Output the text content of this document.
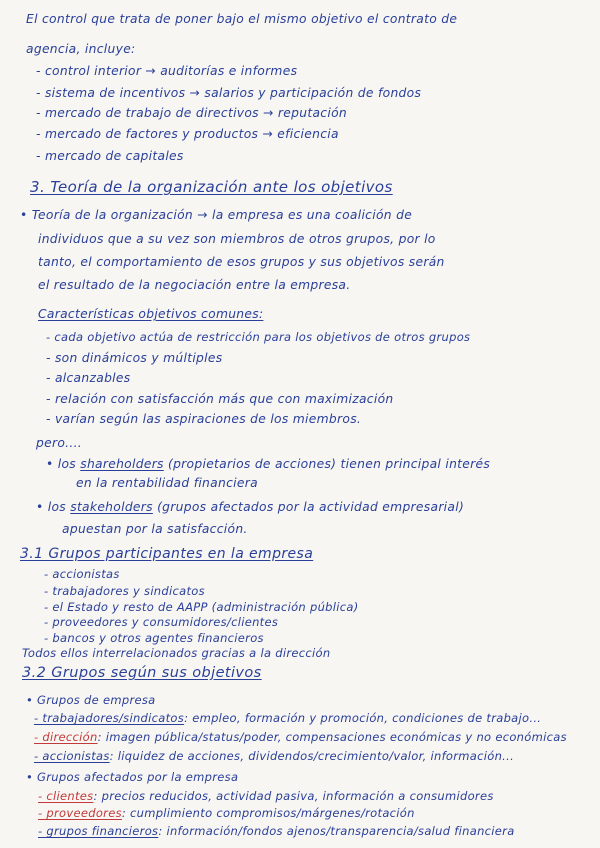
El control que trata de poner bajo el mismo objetivo el contrato de
agencia, incluye:
- control interior → auditorías e informes
- sistema de incentivos → salarios y participación de fondos
- mercado de trabajo de directivos → reputación
- mercado de factores y productos → eficiencia
- mercado de capitales
3. Teoría de la organización ante los objetivos
• Teoría de la organización → la empresa es una coalición de
individuos que a su vez son miembros de otros grupos, por lo
tanto, el comportamiento de esos grupos y sus objetivos serán
el resultado de la negociación entre la empresa.
Características objetivos comunes:
- cada objetivo actúa de restricción para los objetivos de otros grupos
- son dinámicos y múltiples
- alcanzables
- relación con satisfacción más que con maximización
- varían según las aspiraciones de los miembros.
pero....
• los shareholders (propietarios de acciones) tienen principal interés
en la rentabilidad financiera
• los stakeholders (grupos afectados por la actividad empresarial)
apuestan por la satisfacción.
3.1 Grupos participantes en la empresa
- accionistas
- trabajadores y sindicatos
- el Estado y resto de AAPP (administración pública)
- proveedores y consumidores/clientes
- bancos y otros agentes financieros
Todos ellos interrelacionados gracias a la dirección
3.2 Grupos según sus objetivos
• Grupos de empresa
- trabajadores/sindicatos: empleo, formación y promoción, condiciones de trabajo...
- dirección: imagen pública/status/poder, compensaciones económicas y no económicas
- accionistas: liquidez de acciones, dividendos/crecimiento/valor, información...
• Grupos afectados por la empresa
- clientes: precios reducidos, actividad pasiva, información a consumidores
- proveedores: cumplimiento compromisos/márgenes/rotación
- grupos financieros: información/fondos ajenos/transparencia/salud financiera
